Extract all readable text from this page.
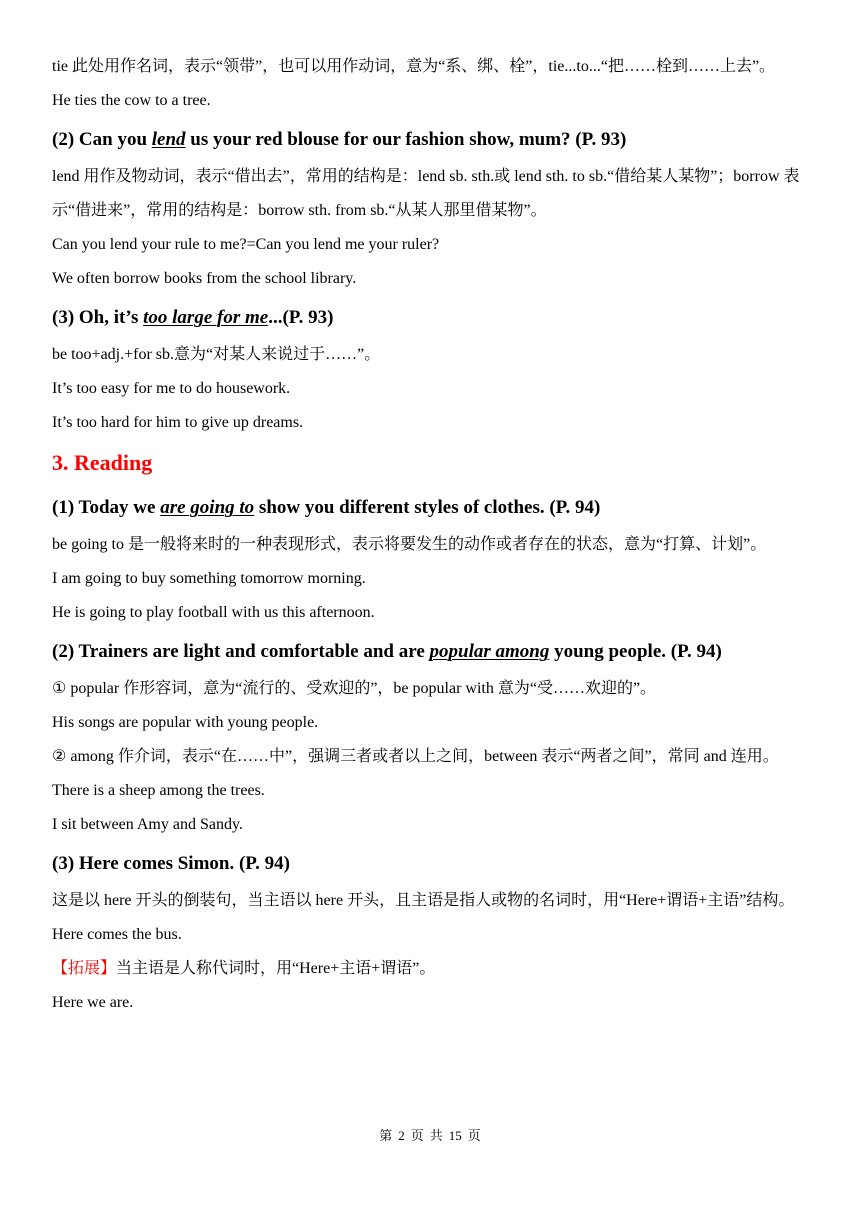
tie 此处用作名词，表示“领带”，也可以用作动词，意为“系、绑、栓”，tie...to...“把……栓到……上去”。

He ties the cow to a tree.

(2) Can you lend us your red blouse for our fashion show, mum? (P. 93)

lend 用作及物动词，表示“借出去”，常用的结构是：lend sb. sth.或 lend sth. to sb.“借给某人某物”；borrow 表示“借进来”，常用的结构是：borrow sth. from sb.“从某人那里借某物”。

Can you lend your rule to me?=Can you lend me your ruler?

We often borrow books from the school library.

(3) Oh, it’s too large for me...(P. 93)

be too+adj.+for sb.意为“对某人来说过于……”。

It’s too easy for me to do housework.

It’s too hard for him to give up dreams.

3. Reading

(1) Today we are going to show you different styles of clothes. (P. 94)

be going to 是一般将来时的一种表现形式，表示将要发生的动作或者存在的状态，意为“打算、计划”。

I am going to buy something tomorrow morning.

He is going to play football with us this afternoon.

(2) Trainers are light and comfortable and are popular among young people. (P. 94)

① popular 作形容词，意为“流行的、受欢迎的”，be popular with 意为“受……欢迎的”。

His songs are popular with young people.

② among 作介词，表示“在……中”，强调三者或者以上之间，between 表示“两者之间”，常同 and 连用。

There is a sheep among the trees.

I sit between Amy and Sandy.

(3) Here comes Simon. (P. 94)

这是以 here 开头的倒装句，当主语以 here 开头，且主语是指人或物的名词时，用“Here+谓语+主语”结构。

Here comes the bus.

【拓展】当主语是人称代词时，用“Here+主语+谓语”。

Here we are.

第 2 页 共 15 页
